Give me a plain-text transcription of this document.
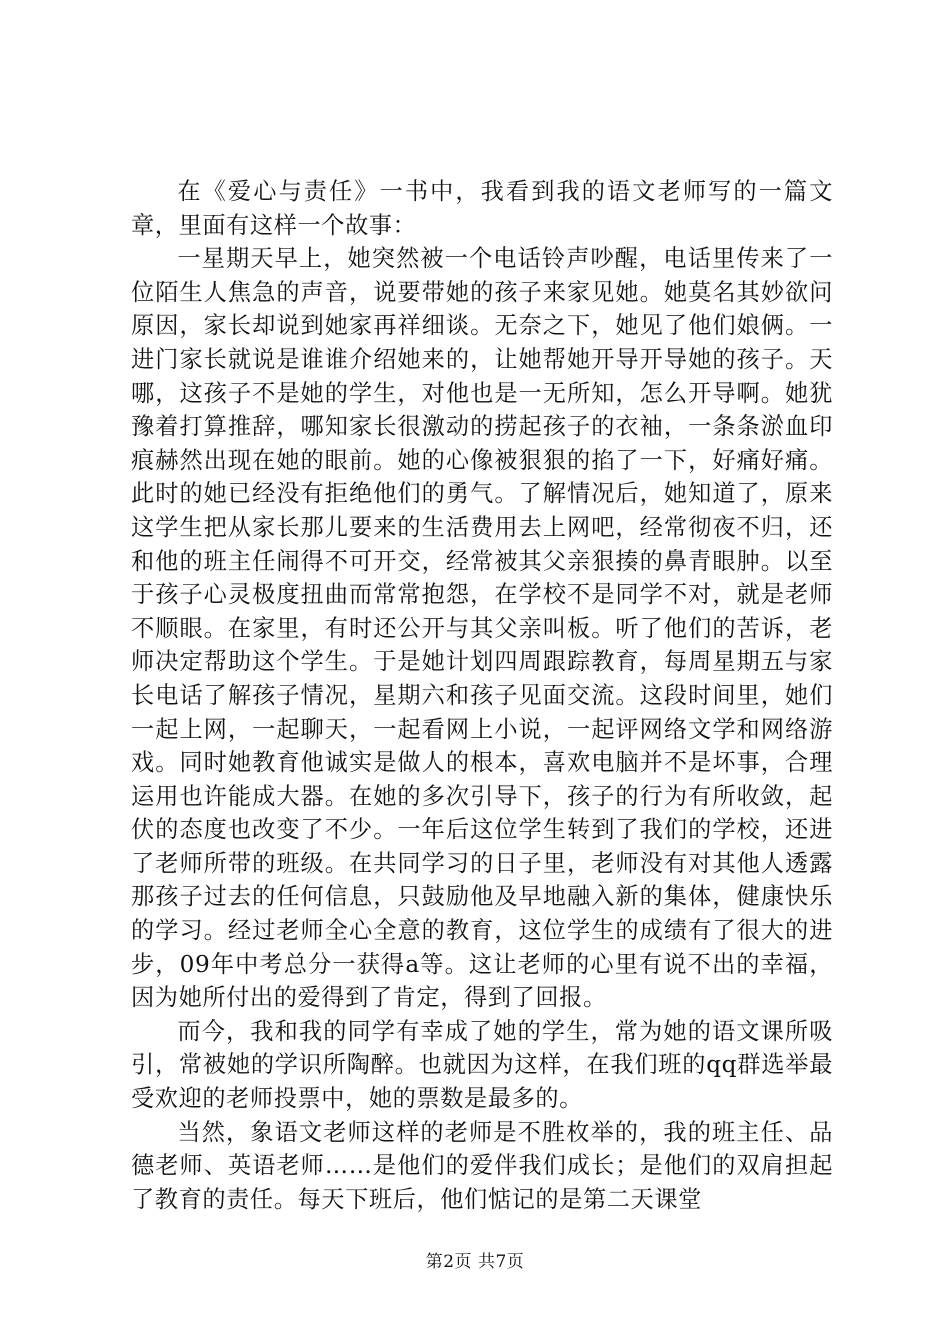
在《爱心与责任》一书中，我看到我的语文老师写的一篇文章，里面有这样一个故事：

一星期天早上，她突然被一个电话铃声吵醒，电话里传来了一位陌生人焦急的声音，说要带她的孩子来家见她。她莫名其妙欲问原因，家长却说到她家再祥细谈。无奈之下，她见了他们娘俩。一进门家长就说是谁谁介绍她来的，让她帮她开导开导她的孩子。天哪，这孩子不是她的学生，对他也是一无所知，怎么开导啊。她犹豫着打算推辞，哪知家长很激动的捞起孩子的衣袖，一条条淤血印痕赫然出现在她的眼前。她的心像被狠狠的掐了一下，好痛好痛。此时的她已经没有拒绝他们的勇气。了解情况后，她知道了，原来这学生把从家长那儿要来的生活费用去上网吧，经常彻夜不归，还和他的班主任闹得不可开交，经常被其父亲狠揍的鼻青眼肿。以至于孩子心灵极度扭曲而常常抱怨，在学校不是同学不对，就是老师不顺眼。在家里，有时还公开与其父亲叫板。听了他们的苦诉，老师决定帮助这个学生。于是她计划四周跟踪教育，每周星期五与家长电话了解孩子情况，星期六和孩子见面交流。这段时间里，她们一起上网，一起聊天，一起看网上小说，一起评网络文学和网络游戏。同时她教育他诚实是做人的根本，喜欢电脑并不是坏事，合理运用也许能成大器。在她的多次引导下，孩子的行为有所收敛，起伏的态度也改变了不少。一年后这位学生转到了我们的学校，还进了老师所带的班级。在共同学习的日子里，老师没有对其他人透露那孩子过去的任何信息，只鼓励他及早地融入新的集体，健康快乐的学习。经过老师全心全意的教育，这位学生的成绩有了很大的进步，09年中考总分一获得a等。这让老师的心里有说不出的幸福，因为她所付出的爱得到了肯定，得到了回报。

而今，我和我的同学有幸成了她的学生，常为她的语文课所吸引，常被她的学识所陶醉。也就因为这样，在我们班的qq群选举最受欢迎的老师投票中，她的票数是最多的。

当然，象语文老师这样的老师是不胜枚举的，我的班主任、品德老师、英语老师……是他们的爱伴我们成长；是他们的双肩担起了教育的责任。每天下班后，他们惦记的是第二天课堂

第2页 共7页
